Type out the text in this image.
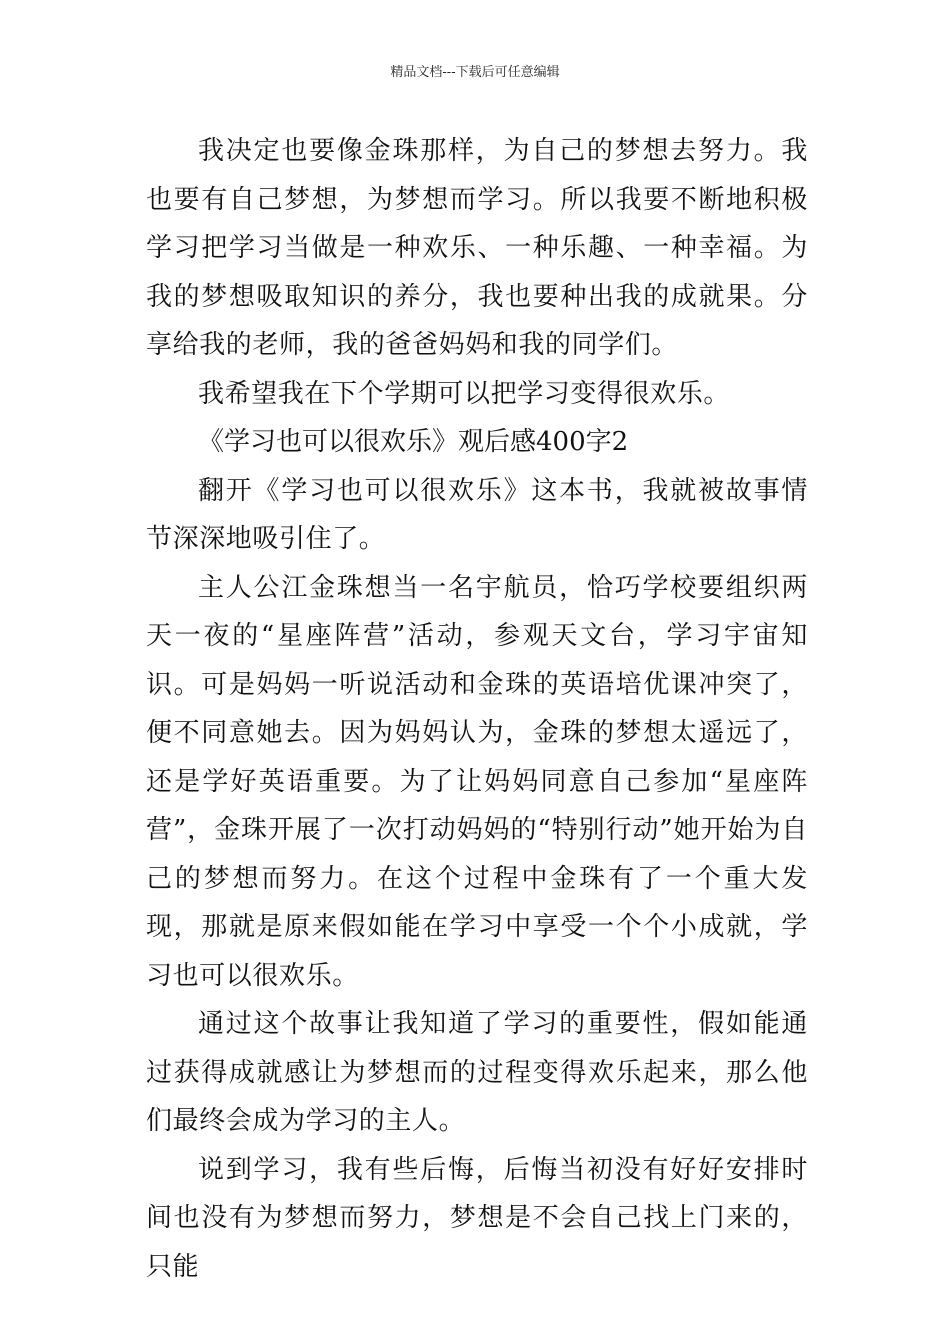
精品文档---下载后可任意编辑

我决定也要像金珠那样，为自己的梦想去努力。我也要有自己梦想，为梦想而学习。所以我要不断地积极学习把学习当做是一种欢乐、一种乐趣、一种幸福。为我的梦想吸取知识的养分，我也要种出我的成就果。分享给我的老师，我的爸爸妈妈和我的同学们。

我希望我在下个学期可以把学习变得很欢乐。

《学习也可以很欢乐》观后感400字2

翻开《学习也可以很欢乐》这本书，我就被故事情节深深地吸引住了。

主人公江金珠想当一名宇航员，恰巧学校要组织两天一夜的“星座阵营”活动，参观天文台，学习宇宙知识。可是妈妈一听说活动和金珠的英语培优课冲突了，便不同意她去。因为妈妈认为，金珠的梦想太遥远了，还是学好英语重要。为了让妈妈同意自己参加“星座阵营”，金珠开展了一次打动妈妈的“特别行动”她开始为自己的梦想而努力。在这个过程中金珠有了一个重大发现，那就是原来假如能在学习中享受一个个小成就，学习也可以很欢乐。

通过这个故事让我知道了学习的重要性，假如能通过获得成就感让为梦想而的过程变得欢乐起来，那么他们最终会成为学习的主人。

说到学习，我有些后悔，后悔当初没有好好安排时间也没有为梦想而努力，梦想是不会自己找上门来的，只能
